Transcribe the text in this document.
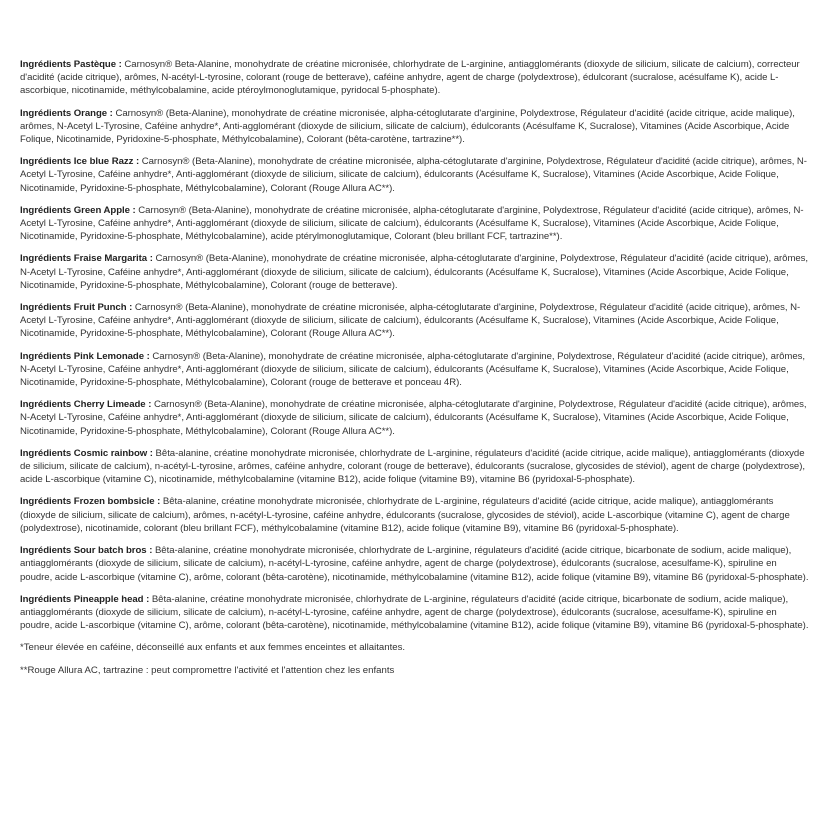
Ingrédients Pastèque : Carnosyn® Beta-Alanine, monohydrate de créatine micronisée, chlorhydrate de L-arginine, antiagglomérants (dioxyde de silicium, silicate de calcium), correcteur d'acidité (acide citrique), arômes, N-acétyl-L-tyrosine, colorant (rouge de betterave), caféine anhydre, agent de charge (polydextrose), édulcorant (sucralose, acésulfame K), acide L-ascorbique, nicotinamide, méthylcobalamine, acide ptéroylmonoglutamique, pyridocal 5-phosphate).

Ingrédients Orange : Carnosyn® (Beta-Alanine), monohydrate de créatine micronisée, alpha-cétoglutarate d'arginine, Polydextrose, Régulateur d'acidité (acide citrique, acide malique), arômes, N-Acetyl L-Tyrosine, Caféine anhydre*, Anti-agglomérant (dioxyde de silicium, silicate de calcium), édulcorants (Acésulfame K, Sucralose), Vitamines (Acide Ascorbique, Acide Folique, Nicotinamide, Pyridoxine-5-phosphate, Méthylcobalamine), Colorant (bêta-carotène, tartrazine**).

Ingrédients Ice blue Razz : Carnosyn® (Beta-Alanine), monohydrate de créatine micronisée, alpha-cétoglutarate d'arginine, Polydextrose, Régulateur d'acidité (acide citrique), arômes, N-Acetyl L-Tyrosine, Caféine anhydre*, Anti-agglomérant (dioxyde de silicium, silicate de calcium), édulcorants (Acésulfame K, Sucralose), Vitamines (Acide Ascorbique, Acide Folique, Nicotinamide, Pyridoxine-5-phosphate, Méthylcobalamine), Colorant (Rouge Allura AC**).

Ingrédients Green Apple : Carnosyn® (Beta-Alanine), monohydrate de créatine micronisée, alpha-cétoglutarate d'arginine, Polydextrose, Régulateur d'acidité (acide citrique), arômes, N-Acetyl L-Tyrosine, Caféine anhydre*, Anti-agglomérant (dioxyde de silicium, silicate de calcium), édulcorants (Acésulfame K, Sucralose), Vitamines (Acide Ascorbique, Acide Folique, Nicotinamide, Pyridoxine-5-phosphate, Méthylcobalamine), acide ptérylmonoglutamique, Colorant (bleu brillant FCF, tartrazine**).

Ingrédients Fraise Margarita : Carnosyn® (Beta-Alanine), monohydrate de créatine micronisée, alpha-cétoglutarate d'arginine, Polydextrose, Régulateur d'acidité (acide citrique), arômes, N-Acetyl L-Tyrosine, Caféine anhydre*, Anti-agglomérant (dioxyde de silicium, silicate de calcium), édulcorants (Acésulfame K, Sucralose), Vitamines (Acide Ascorbique, Acide Folique, Nicotinamide, Pyridoxine-5-phosphate, Méthylcobalamine), Colorant (rouge de betterave).

Ingrédients Fruit Punch : Carnosyn® (Beta-Alanine), monohydrate de créatine micronisée, alpha-cétoglutarate d'arginine, Polydextrose, Régulateur d'acidité (acide citrique), arômes, N-Acetyl L-Tyrosine, Caféine anhydre*, Anti-agglomérant (dioxyde de silicium, silicate de calcium), édulcorants (Acésulfame K, Sucralose), Vitamines (Acide Ascorbique, Acide Folique, Nicotinamide, Pyridoxine-5-phosphate, Méthylcobalamine), Colorant (Rouge Allura AC**).

Ingrédients Pink Lemonade : Carnosyn® (Beta-Alanine), monohydrate de créatine micronisée, alpha-cétoglutarate d'arginine, Polydextrose, Régulateur d'acidité (acide citrique), arômes, N-Acetyl L-Tyrosine, Caféine anhydre*, Anti-agglomérant (dioxyde de silicium, silicate de calcium), édulcorants (Acésulfame K, Sucralose), Vitamines (Acide Ascorbique, Acide Folique, Nicotinamide, Pyridoxine-5-phosphate, Méthylcobalamine), Colorant (rouge de betterave et ponceau 4R).

Ingrédients Cherry Limeade : Carnosyn® (Beta-Alanine), monohydrate de créatine micronisée, alpha-cétoglutarate d'arginine, Polydextrose, Régulateur d'acidité (acide citrique), arômes, N-Acetyl L-Tyrosine, Caféine anhydre*, Anti-agglomérant (dioxyde de silicium, silicate de calcium), édulcorants (Acésulfame K, Sucralose), Vitamines (Acide Ascorbique, Acide Folique, Nicotinamide, Pyridoxine-5-phosphate, Méthylcobalamine), Colorant (Rouge Allura AC**).

Ingrédients Cosmic rainbow : Bêta-alanine, créatine monohydrate micronisée, chlorhydrate de L-arginine, régulateurs d'acidité (acide citrique, acide malique), antiagglomérants (dioxyde de silicium, silicate de calcium), n-acétyl-L-tyrosine, arômes, caféine anhydre, colorant (rouge de betterave), édulcorants (sucralose, glycosides de stéviol), agent de charge (polydextrose), acide L-ascorbique (vitamine C), nicotinamide, méthylcobalamine (vitamine B12), acide folique (vitamine B9), vitamine B6 (pyridoxal-5-phosphate).

Ingrédients Frozen bombsicle : Bêta-alanine, créatine monohydrate micronisée, chlorhydrate de L-arginine, régulateurs d'acidité (acide citrique, acide malique), antiagglomérants (dioxyde de silicium, silicate de calcium), arômes, n-acétyl-L-tyrosine, caféine anhydre, édulcorants (sucralose, glycosides de stéviol), acide L-ascorbique (vitamine C), agent de charge (polydextrose), nicotinamide, colorant (bleu brillant FCF), méthylcobalamine (vitamine B12), acide folique (vitamine B9), vitamine B6 (pyridoxal-5-phosphate).

Ingrédients Sour batch bros : Bêta-alanine, créatine monohydrate micronisée, chlorhydrate de L-arginine, régulateurs d'acidité (acide citrique, bicarbonate de sodium, acide malique), antiagglomérants (dioxyde de silicium, silicate de calcium), n-acétyl-L-tyrosine, caféine anhydre, agent de charge (polydextrose), édulcorants (sucralose, acesulfame-K), spiruline en poudre, acide L-ascorbique (vitamine C), arôme, colorant (bêta-carotène), nicotinamide, méthylcobalamine (vitamine B12), acide folique (vitamine B9), vitamine B6 (pyridoxal-5-phosphate).

Ingrédients Pineapple head : Bêta-alanine, créatine monohydrate micronisée, chlorhydrate de L-arginine, régulateurs d'acidité (acide citrique, bicarbonate de sodium, acide malique), antiagglomérants (dioxyde de silicium, silicate de calcium), n-acétyl-L-tyrosine, caféine anhydre, agent de charge (polydextrose), édulcorants (sucralose, acesulfame-K), spiruline en poudre, acide L-ascorbique (vitamine C), arôme, colorant (bêta-carotène), nicotinamide, méthylcobalamine (vitamine B12), acide folique (vitamine B9), vitamine B6 (pyridoxal-5-phosphate).

*Teneur élevée en caféine, déconseillé aux enfants et aux femmes enceintes et allaitantes.

**Rouge Allura AC, tartrazine : peut compromettre l'activité et l'attention chez les enfants
